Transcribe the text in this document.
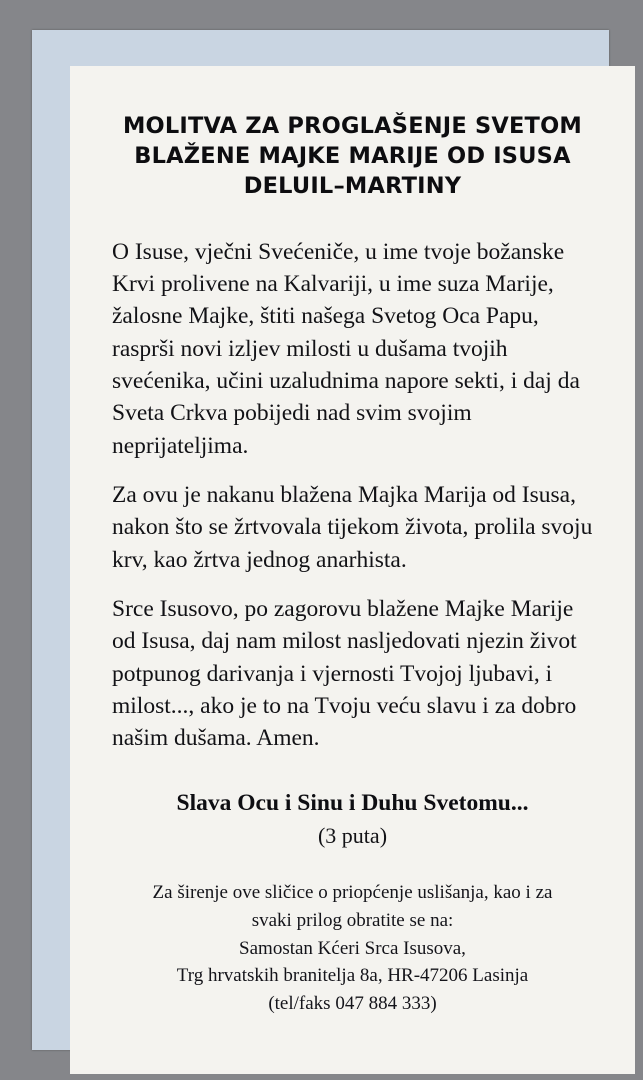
MOLITVA ZA PROGLAŠENJE SVETOM
BLAŽENE MAJKE MARIJE OD ISUSA
DELUIL–MARTINY

O Isuse, vječni Svećeniče, u ime tvoje božanske Krvi prolivene na Kalvariji, u ime suza Marije, žalosne Majke, štiti našega Svetog Oca Papu, rasprši novi izljev milosti u dušama tvojih svećenika, učini uzaludnima napore sekti, i daj da Sveta Crkva pobijedi nad svim svojim neprijateljima.

Za ovu je nakanu blažena Majka Marija od Isusa, nakon što se žrtvovala tijekom života, prolila svoju krv, kao žrtva jednog anarhista.

Srce Isusovo, po zagorovu blažene Majke Marije od Isusa, daj nam milost nasljedovati njezin život potpunog darivanja i vjernosti Tvojoj ljubavi, i milost..., ako je to na Tvoju veću slavu i za dobro našim dušama. Amen.

Slava Ocu i Sinu i Duhu Svetomu...
(3 puta)
Za širenje ove sličice o priopćenje uslišanja, kao i za
svaki prilog obratite se na:
Samostan Kćeri Srca Isusova,
Trg hrvatskih branitelja 8a, HR-47206 Lasinja
(tel/faks 047 884 333)
